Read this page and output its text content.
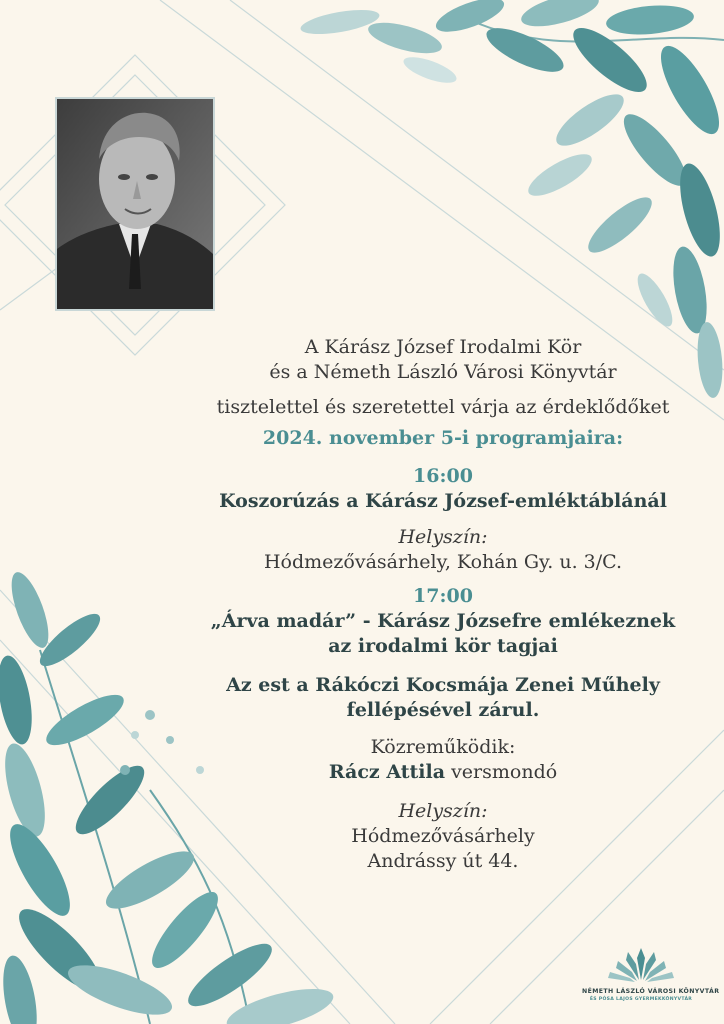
A Kárász József Irodalmi Kör
és a Németh László Városi Könyvtár
tisztelettel és szeretettel várja az érdeklődőket
2024. november 5-i programjaira:
16:00
Koszorúzás a Kárász József-emléktáblánál
Helyszín:
Hódmezővásárhely, Kohán Gy. u. 3/C.
17:00
„Árva madár” - Kárász Józsefre emlékeznek
az irodalmi kör tagjai
Az est a Rákóczi Kocsmája Zenei Műhely
fellépésével zárul.
Közreműködik:
Rácz Attila versmondó
Helyszín:
Hódmezővásárhely
Andrássy út 44.
NÉMETH LÁSZLÓ VÁROSI KÖNYVTÁR
ÉS PÓSA LAJOS GYERMEKKÖNYVTÁR
